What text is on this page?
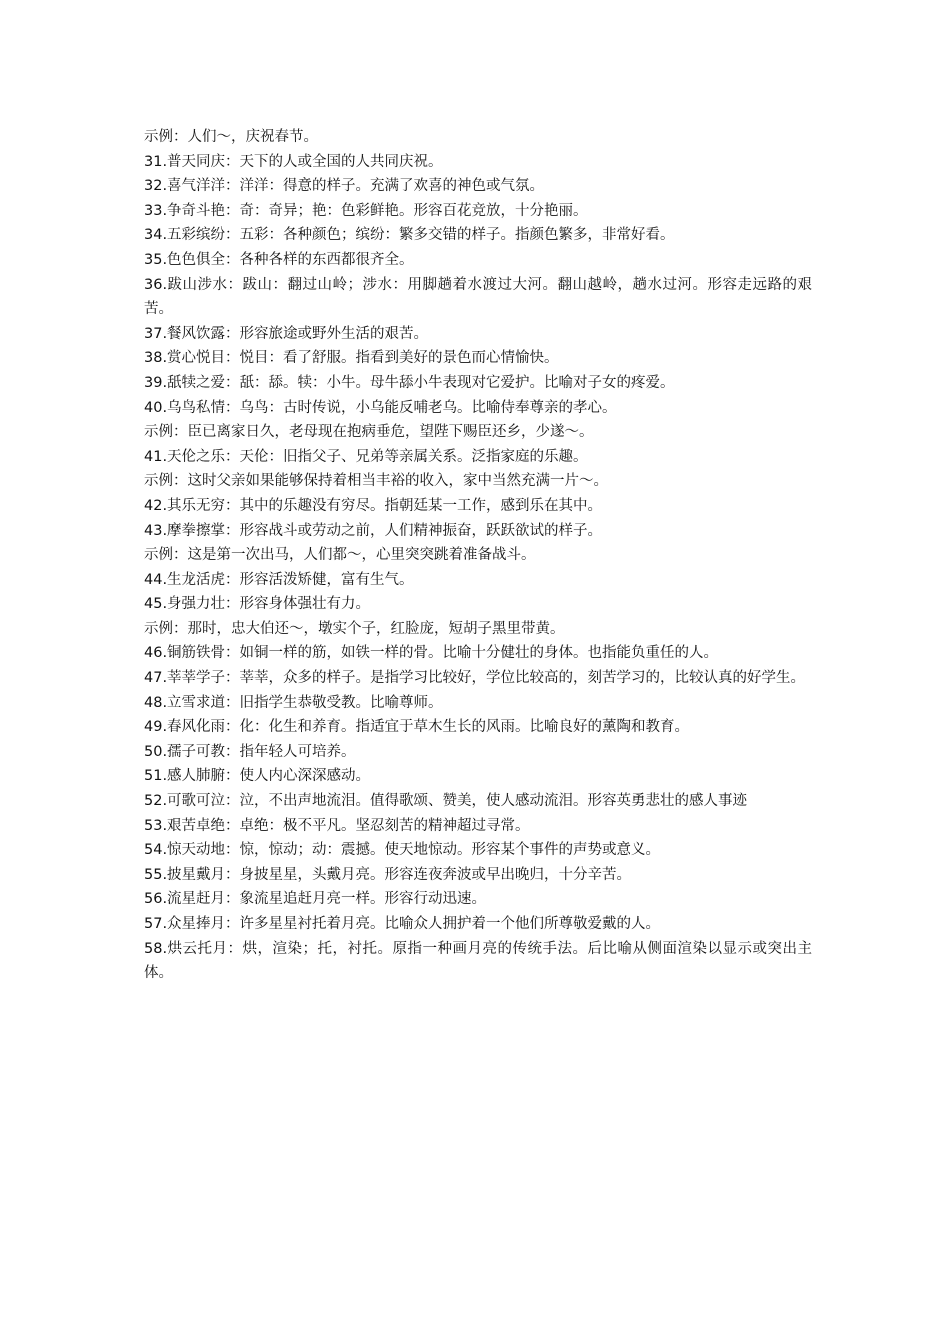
示例：人们～，庆祝春节。

31.普天同庆：天下的人或全国的人共同庆祝。

32.喜气洋洋：洋洋：得意的样子。充满了欢喜的神色或气氛。

33.争奇斗艳：奇：奇异；艳：色彩鲜艳。形容百花竞放，十分艳丽。

34.五彩缤纷：五彩：各种颜色；缤纷：繁多交错的样子。指颜色繁多，非常好看。

35.色色俱全：各种各样的东西都很齐全。

36.跋山涉水：跋山：翻过山岭；涉水：用脚趟着水渡过大河。翻山越岭，趟水过河。形容走远路的艰苦。

37.餐风饮露：形容旅途或野外生活的艰苦。

38.赏心悦目：悦目：看了舒服。指看到美好的景色而心情愉快。

39.舐犊之爱：舐：舔。犊：小牛。母牛舔小牛表现对它爱护。比喻对子女的疼爱。

40.乌鸟私情：乌鸟：古时传说，小乌能反哺老乌。比喻侍奉尊亲的孝心。

示例：臣已离家日久，老母现在抱病垂危，望陛下赐臣还乡，少遂～。

41.天伦之乐：天伦：旧指父子、兄弟等亲属关系。泛指家庭的乐趣。

示例：这时父亲如果能够保持着相当丰裕的收入，家中当然充满一片～。

42.其乐无穷：其中的乐趣没有穷尽。指朝廷某一工作，感到乐在其中。

43.摩拳擦掌：形容战斗或劳动之前，人们精神振奋，跃跃欲试的样子。

示例：这是第一次出马，人们都～，心里突突跳着准备战斗。

44.生龙活虎：形容活泼矫健，富有生气。

45.身强力壮：形容身体强壮有力。

示例：那时，忠大伯还～，墩实个子，红脸庞，短胡子黑里带黄。

46.铜筋铁骨：如铜一样的筋，如铁一样的骨。比喻十分健壮的身体。也指能负重任的人。

47.莘莘学子：莘莘，众多的样子。是指学习比较好，学位比较高的，刻苦学习的，比较认真的好学生。

48.立雪求道：旧指学生恭敬受教。比喻尊师。

49.春风化雨：化：化生和养育。指适宜于草木生长的风雨。比喻良好的薰陶和教育。

50.孺子可教：指年轻人可培养。

51.感人肺腑：使人内心深深感动。

52.可歌可泣：泣，不出声地流泪。值得歌颂、赞美，使人感动流泪。形容英勇悲壮的感人事迹

53.艰苦卓绝：卓绝：极不平凡。坚忍刻苦的精神超过寻常。

54.惊天动地：惊，惊动；动：震撼。使天地惊动。形容某个事件的声势或意义。

55.披星戴月：身披星星，头戴月亮。形容连夜奔波或早出晚归，十分辛苦。

56.流星赶月：象流星追赶月亮一样。形容行动迅速。

57.众星捧月：许多星星衬托着月亮。比喻众人拥护着一个他们所尊敬爱戴的人。

58.烘云托月：烘，渲染；托，衬托。原指一种画月亮的传统手法。后比喻从侧面渲染以显示或突出主体。
